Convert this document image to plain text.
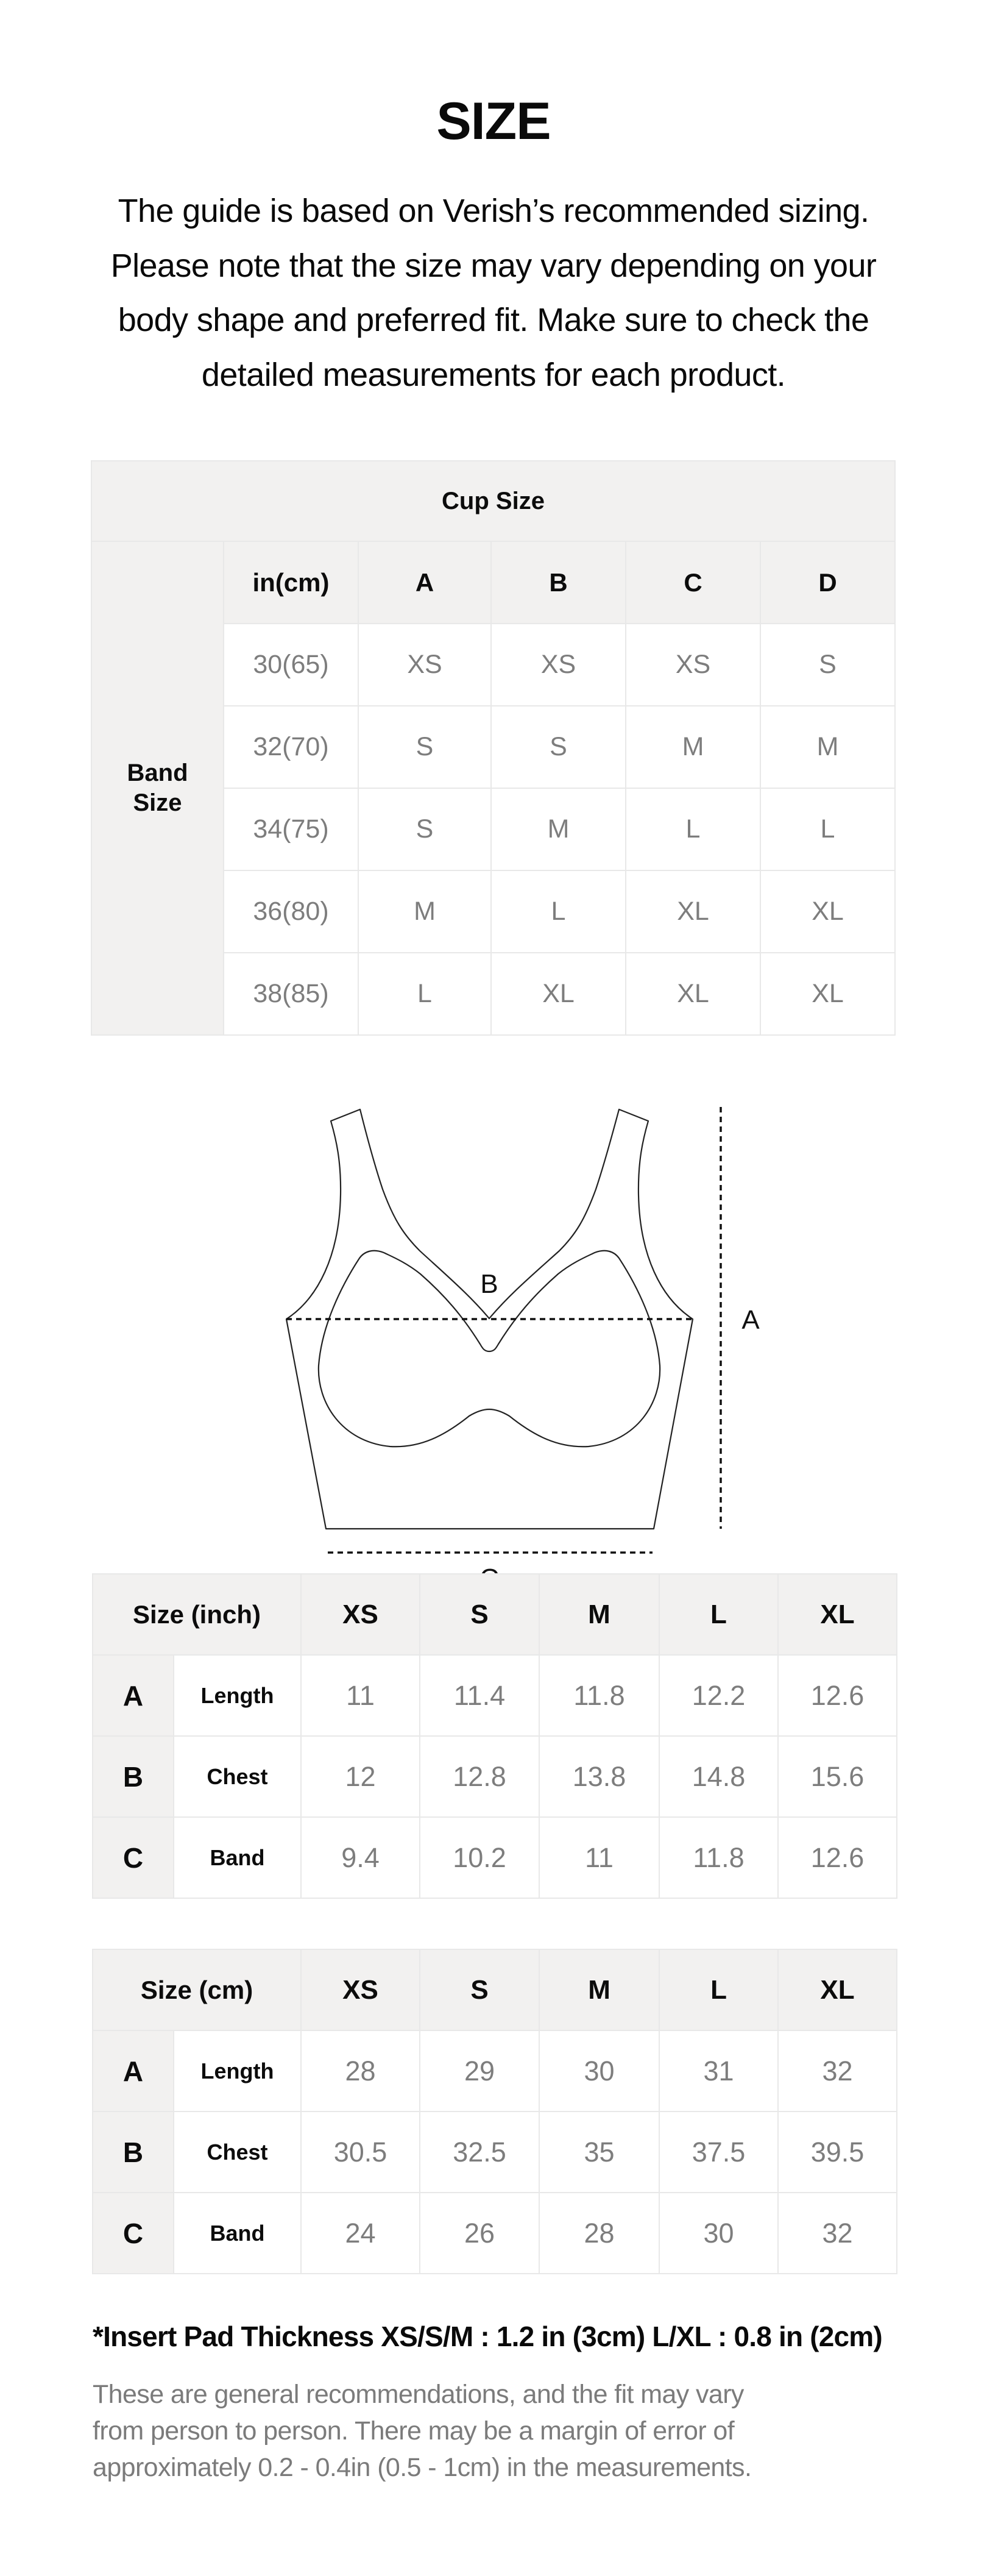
SIZE
The guide is based on Verish’s recommended sizing.
Please note that the size may vary depending on your
body shape and preferred fit. Make sure to check the
detailed measurements for each product.
Cup Size					

Band
Size	in(cm)	A	B	C	D
	30(65)	XS	XS	XS	S
	32(70)	S	S	M	M
	34(75)	S	M	L	L
	36(80)	M	L	XL	XL
	38(85)	L	XL	XL	XL
B
A
Size (inch)		XS	S	M	L	XL
A	Length	11	11.4	11.8	12.2	12.6
B	Chest	12	12.8	13.8	14.8	15.6
C	Band	9.4	10.2	11	11.8	12.6
Size (cm)		XS	S	M	L	XL
A	Length	28	29	30	31	32
B	Chest	30.5	32.5	35	37.5	39.5
C	Band	24	26	28	30	32
*Insert Pad Thickness XS/S/M : 1.2 in (3cm) L/XL : 0.8 in (2cm)
These are general recommendations, and the fit may vary
from person to person. There may be a margin of error of
approximately 0.2 - 0.4in (0.5 - 1cm) in the measurements.
